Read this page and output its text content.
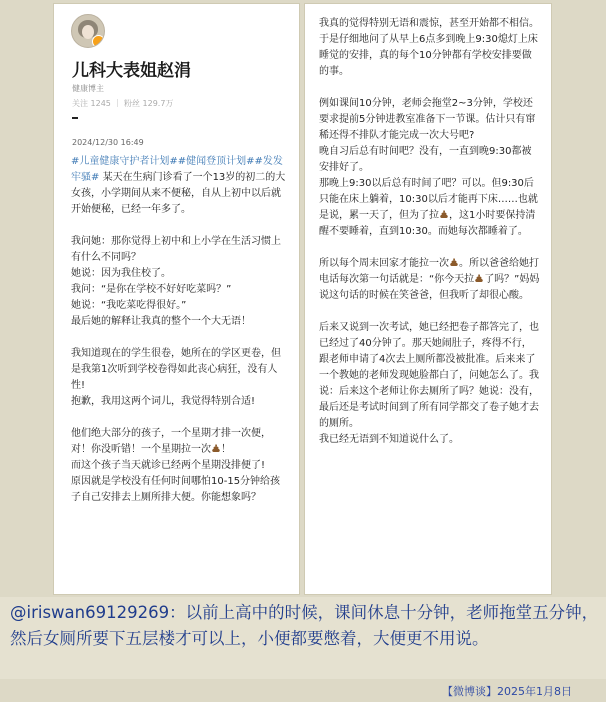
儿科大表姐赵涓
健康博主
关注 1245 ｜ 粉丝 129.7万
2024/12/30 16:49

#儿童健康守护者计划##健闻登顶计划##发发牢骚# 某天在生病门诊看了一个13岁的初二的大女孩，小学期间从来不便秘，自从上初中以后就开始便秘，已经一年多了。

我问她：那你觉得上初中和上小学在生活习惯上有什么不同吗？
她说：因为我住校了。
我问：“是你在学校不好好吃菜吗？”
她说：“我吃菜吃得很好。”
最后她的解释让我真的整个一个大无语！

我知道现在的学生很卷，她所在的学区更卷，但是我第1次听到学校卷得如此丧心病狂，没有人性!
抱歉，我用这两个词儿，我觉得特别合适!

他们绝大部分的孩子，一个星期才排一次便，
对！你没听错！一个星期拉一次 ！
而这个孩子当天就诊已经两个星期没排便了!
原因就是学校没有任何时间哪怕10-15分钟给孩子自己安排去上厕所排大便。你能想象吗？

我真的觉得特别无语和震惊，甚至开始都不相信。于是仔细地问了从早上6点多到晚上9:30熄灯上床睡觉的安排，真的每个10分钟都有学校安排要做的事。

例如课间10分钟，老师会拖堂2~3分钟，学校还要求提前5分钟进教室准备下一节课。估计只有窜稀还得不排队才能完成一次大号吧?
晚自习后总有时间吧？没有，一直到晚9:30都被安排好了。
那晚上9:30以后总有时间了吧？可以。但9:30后只能在床上躺着，10:30以后才能再下床……也就是说，累一天了，但为了拉 ，这1小时要保持清醒不要睡着，直到10:30。而她每次都睡着了。

所以每个周末回家才能拉一次 。所以爸爸给她打电话每次第一句话就是：“你今天拉 了吗？”妈妈说这句话的时候在笑爸爸，但我听了却很心酸。

后来又说到一次考试，她已经把卷子都答完了，也已经过了40分钟了。那天她闹肚子，疼得不行，跟老师申请了4次去上厕所都没被批准。后来来了一个教她的老师发现她脸都白了，问她怎么了。我说：后来这个老师让你去厕所了吗？她说：没有，最后还是考试时间到了所有同学都交了卷子她才去的厕所。
我已经无语到不知道说什么了。

@iriswan69129269：以前上高中的时候，课间休息十分钟，老师拖堂五分钟，然后女厕所要下五层楼才可以上，小便都要憋着，大便更不用说。

【微博谈】2025年1月8日
